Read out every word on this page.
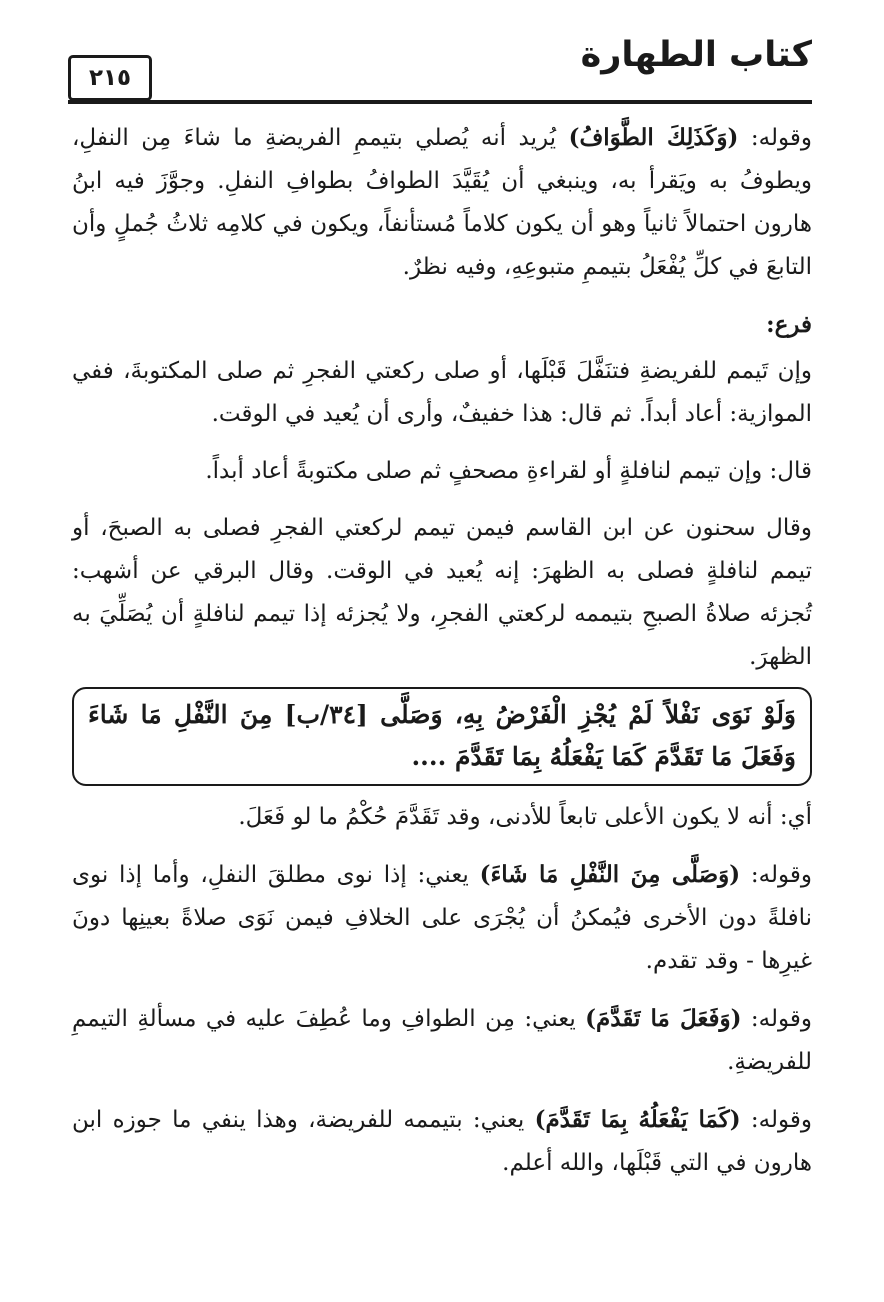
كتاب الطهارة
٢١٥

وقوله: (وَكَذَلِكَ الطَّوَافُ) يُريد أنه يُصلي بتيممِ الفريضةِ ما شاءَ مِن النفلِ، ويطوفُ به ويَقرأ به، وينبغي أن يُقَيَّدَ الطوافُ بطوافِ النفلِ. وجوَّزَ فيه ابنُ هارون احتمالاً ثانياً وهو أن يكون كلاماً مُستأنفاً، ويكون في كلامِه ثلاثُ جُملٍ وأن التابعَ في كلِّ يُفْعَلُ بتيممِ متبوعِهِ، وفيه نظرٌ.

فرع:

وإن تَيمم للفريضةِ فتنَفَّلَ قَبْلَها، أو صلى ركعتي الفجرِ ثم صلى المكتوبةَ، ففي الموازية: أعاد أبداً. ثم قال: هذا خفيفٌ، وأرى أن يُعيد في الوقت.

قال: وإن تيمم لنافلةٍ أو لقراءةِ مصحفٍ ثم صلى مكتوبةً أعاد أبداً.

وقال سحنون عن ابن القاسم فيمن تيمم لركعتي الفجرِ فصلى به الصبحَ، أو تيمم لنافلةٍ فصلى به الظهرَ: إنه يُعيد في الوقت. وقال البرقي عن أشهب: تُجزئه صلاةُ الصبحِ بتيممه لركعتي الفجرِ، ولا يُجزئه إذا تيمم لنافلةٍ أن يُصَلِّيَ به الظهرَ.

وَلَوْ نَوَى نَفْلاً لَمْ يُجْزِ الْفَرْضُ بِهِ، وَصَلَّى [٣٤/ب] مِنَ النَّفْلِ مَا شَاءَ وَفَعَلَ مَا تَقَدَّمَ كَمَا يَفْعَلُهُ بِمَا تَقَدَّمَ ....

أي: أنه لا يكون الأعلى تابعاً للأدنى، وقد تَقَدَّمَ حُكْمُ ما لو فَعَلَ.

وقوله: (وَصَلَّى مِنَ النَّفْلِ مَا شَاءَ) يعني: إذا نوى مطلقَ النفلِ، وأما إذا نوى نافلةً دون الأخرى فيُمكنُ أن يُجْرَى على الخلافِ فيمن نَوَى صلاةً بعينِها دونَ غيرِها - وقد تقدم.

وقوله: (وَفَعَلَ مَا تَقَدَّمَ) يعني: مِن الطوافِ وما عُطِفَ عليه في مسألةِ التيممِ للفريضةِ.

وقوله: (كَمَا يَفْعَلُهُ بِمَا تَقَدَّمَ) يعني: بتيممه للفريضة، وهذا ينفي ما جوزه ابن هارون في التي قَبْلَها، والله أعلم.
